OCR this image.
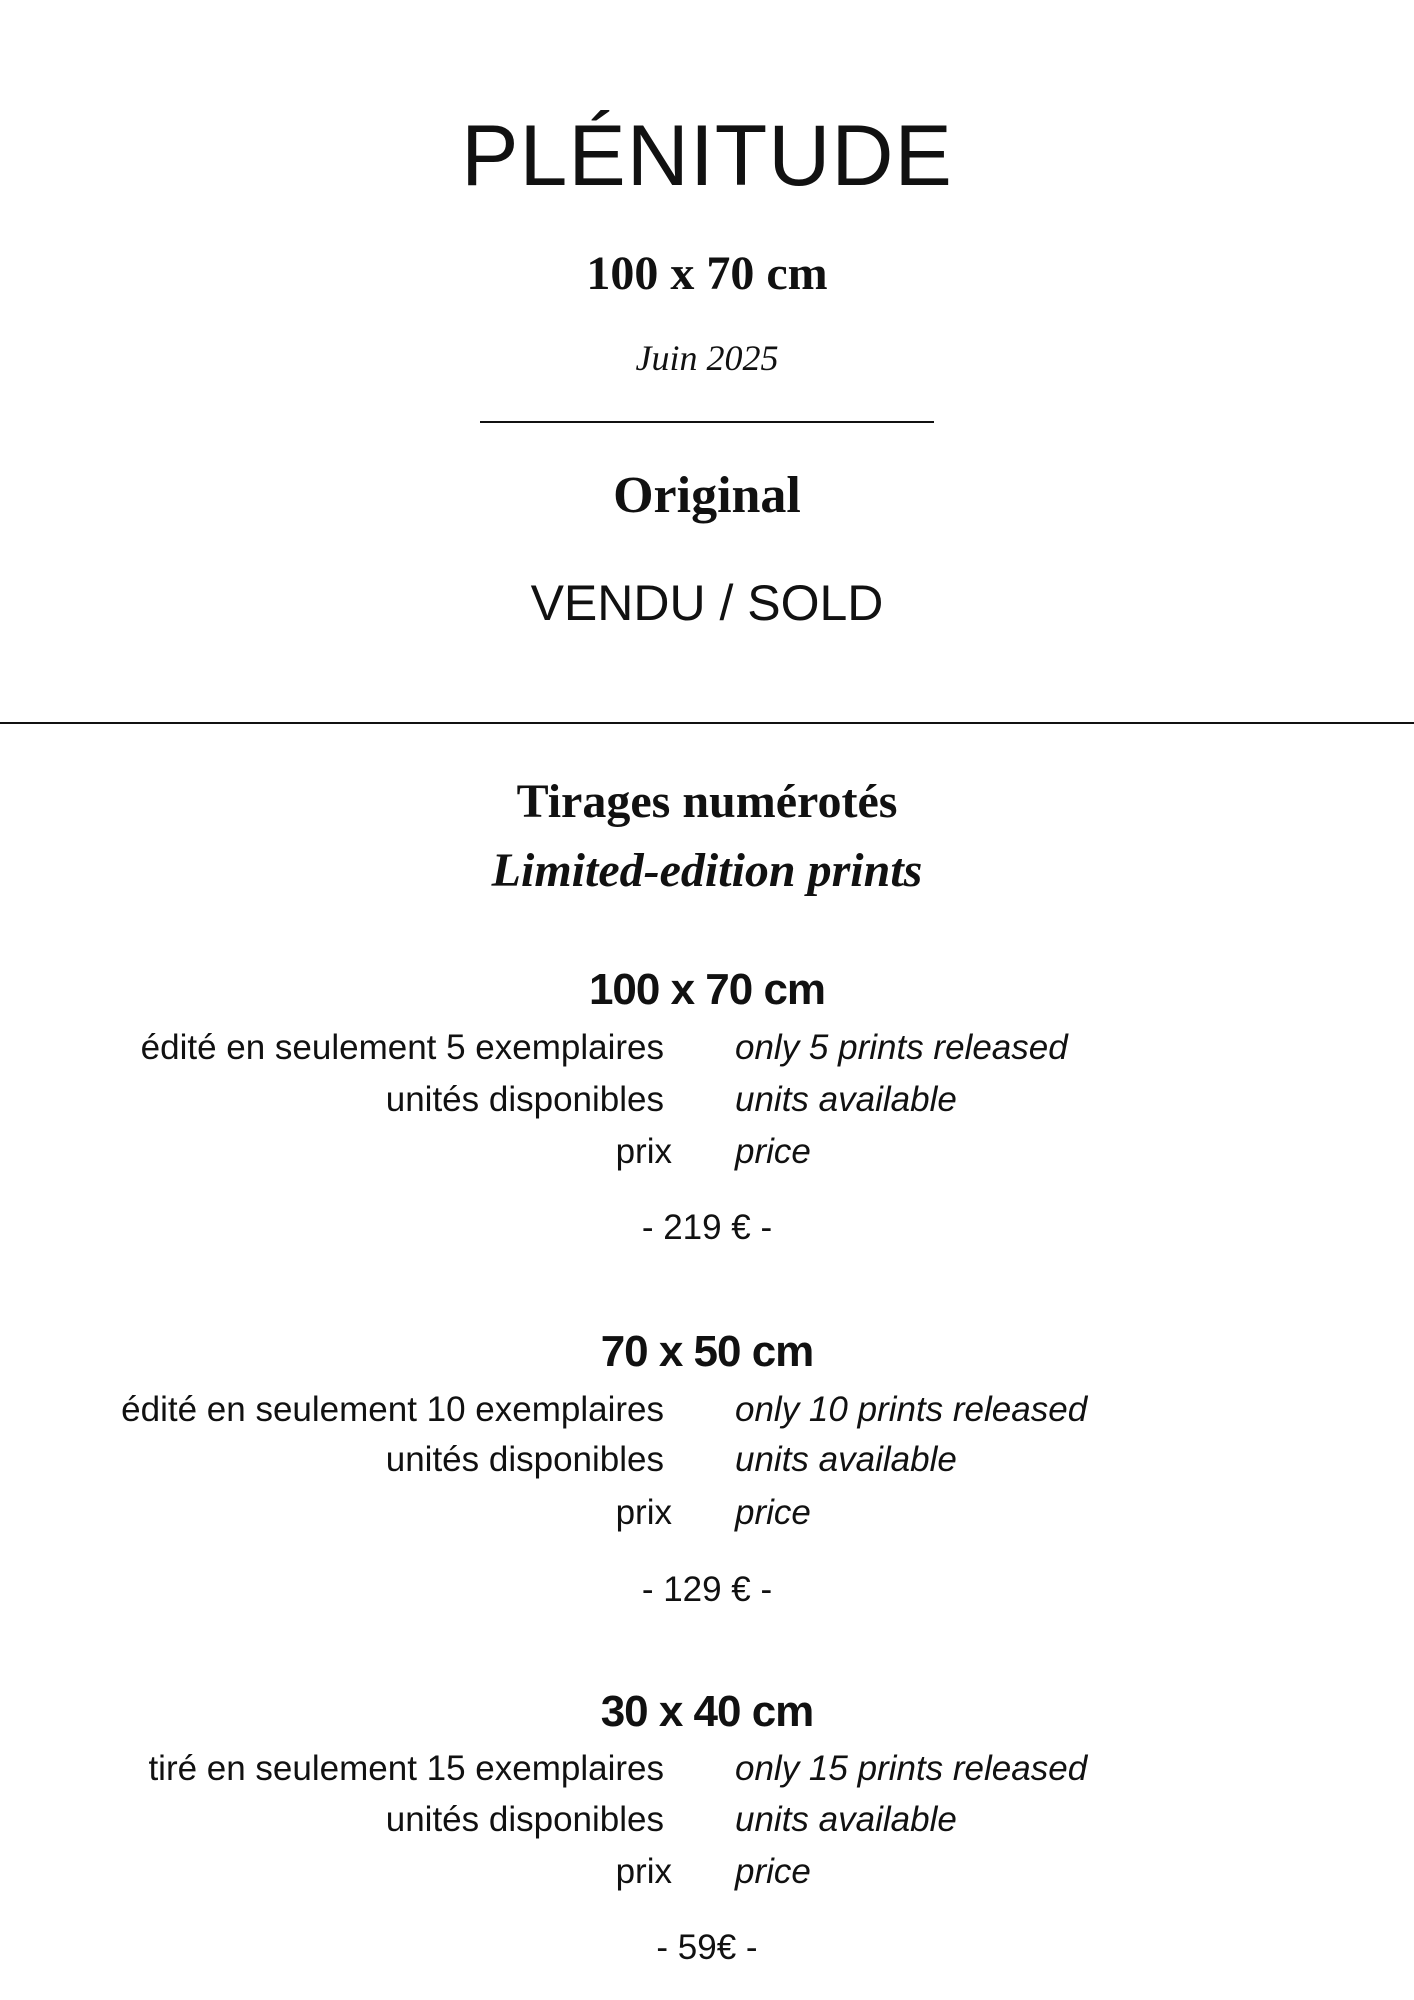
PLÉNITUDE
100 x 70 cm
Juin 2025
Original
VENDU / SOLD
Tirages numérotés
Limited-edition prints
100 x 70 cm
édité en seulement 5 exemplaires only 5 prints released
unités disponibles units available
prix price
- 219 € -
70 x 50 cm
édité en seulement 10 exemplaires only 10 prints released
unités disponibles units available
prix price
- 129 € -
30 x 40 cm
tiré en seulement 15 exemplaires only 15 prints released
unités disponibles units available
prix price
- 59€ -
